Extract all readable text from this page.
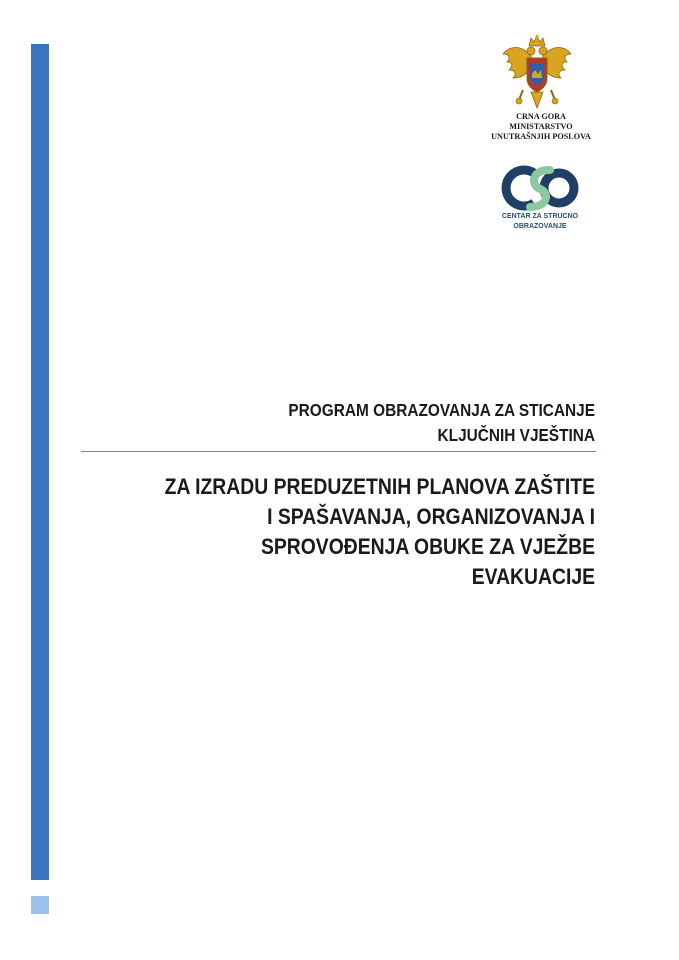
CRNA GORA
MINISTARSTVO
UNUTRAŠNJIH POSLOVA
CENTAR ZA STRUČNO
OBRAZOVANJE
PROGRAM OBRAZOVANJA ZA STICANJE
KLJUČNIH VJEŠTINA
ZA IZRADU PREDUZETNIH PLANOVA ZAŠTITE
I SPAŠAVANJA, ORGANIZOVANJA I
SPROVOĐENJA OBUKE ZA VJEŽBE
EVAKUACIJE
